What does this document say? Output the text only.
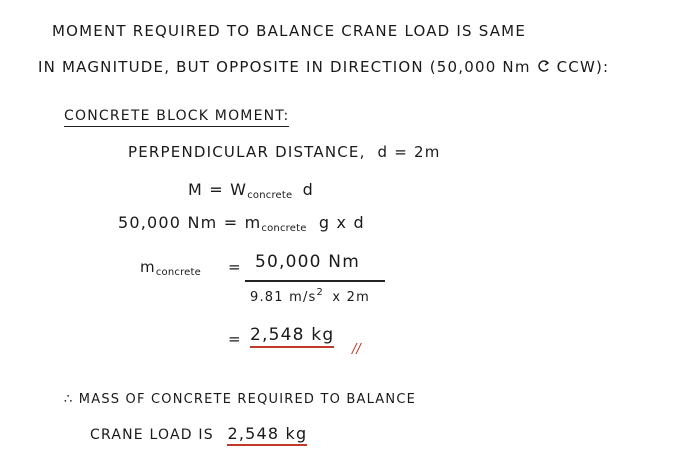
MOMENT REQUIRED TO BALANCE CRANE LOAD IS SAME
IN MAGNITUDE, BUT OPPOSITE IN DIRECTION (50,000 Nm CCW):
CONCRETE BLOCK MOMENT:
PERPENDICULAR DISTANCE, d = 2m
$M = W_{concrete}$ d
50,000 $Nm = m_{concrete}$ g x d
$m_{concrete} = 50,000$ Nm
9.81 $m/s^2$ x 2m
= 2,548 kg
//
∴ MASS OF CONCRETE REQUIRED TO BALANCE
CRANE LOAD IS 2,548 kg
